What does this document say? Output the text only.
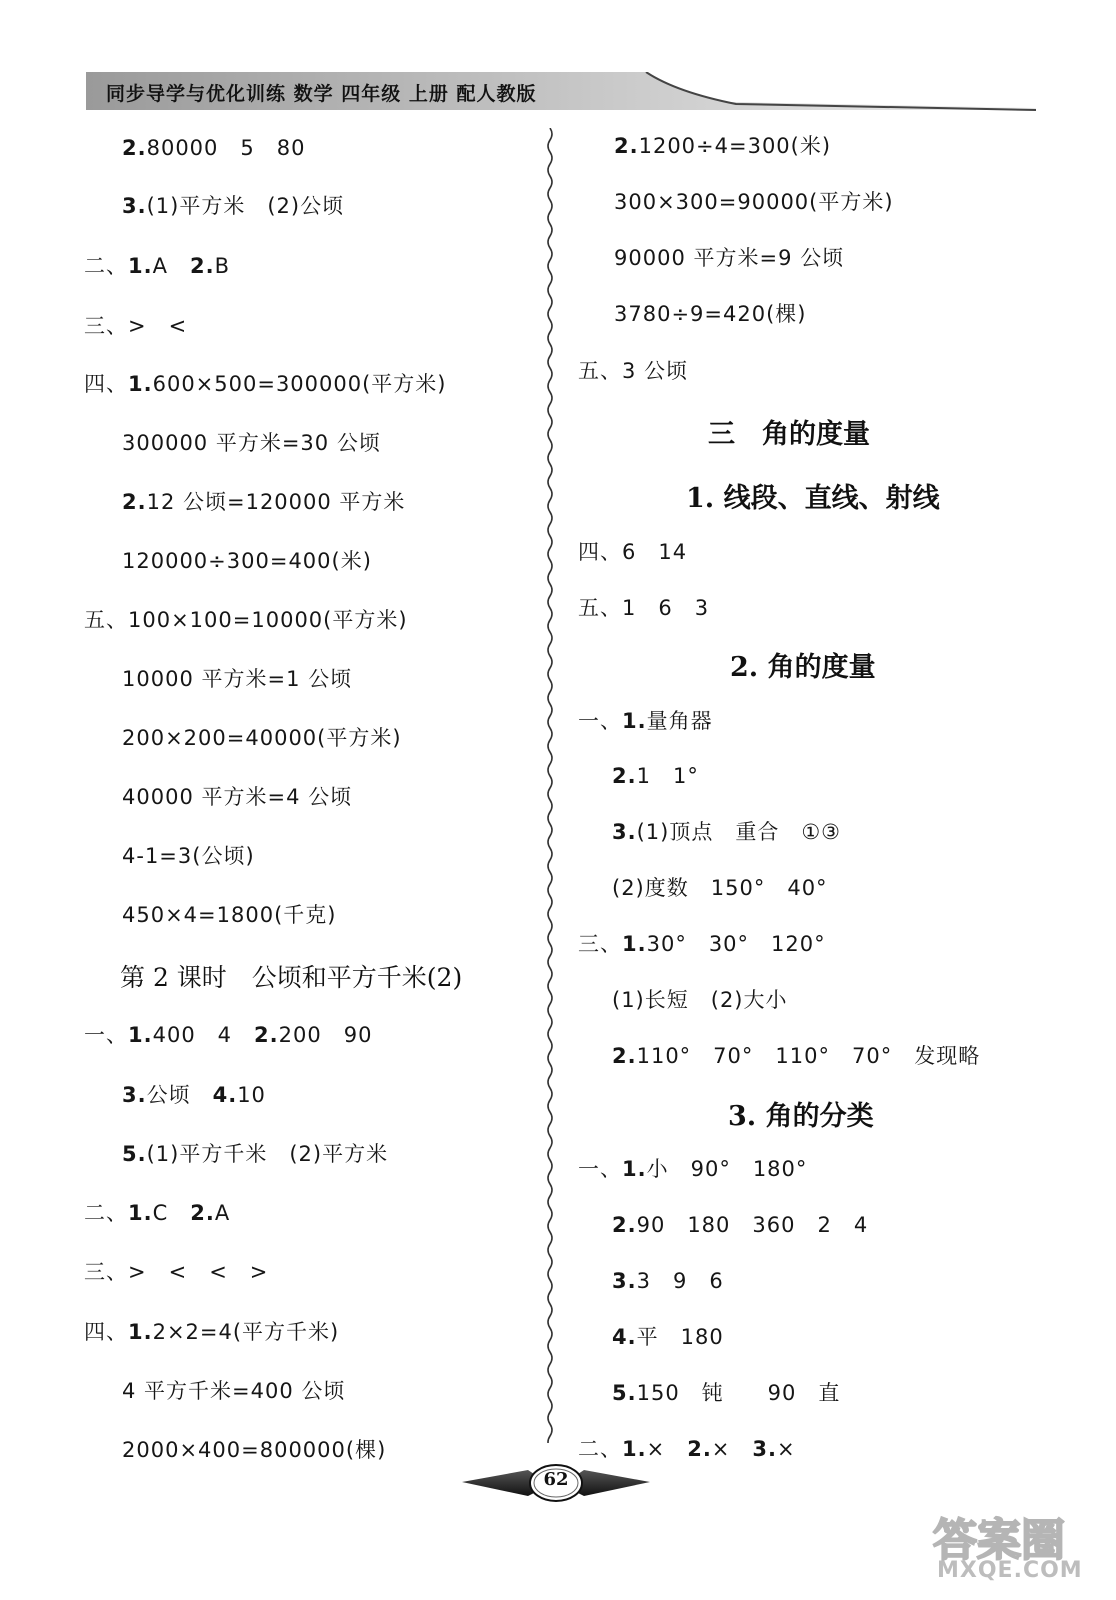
同步导学与优化训练 数学 四年级 上册 配人教版
2.80000　5　80
3.(1)平方米　(2)公顷
二、1.A　2.B
三、>　<
四、1.600×500=300000(平方米)
300000 平方米=30 公顷
2.12 公顷=120000 平方米
120000÷300=400(米)
五、100×100=10000(平方米)
10000 平方米=1 公顷
200×200=40000(平方米)
40000 平方米=4 公顷
4-1=3(公顷)
450×4=1800(千克)
第 2 课时　公顷和平方千米(2)
一、1.400　4　2.200　90
3.公顷　4.10
5.(1)平方千米　(2)平方米
二、1.C　2.A
三、>　<　<　>
四、1.2×2=4(平方千米)
4 平方千米=400 公顷
2000×400=800000(棵)
2.1200÷4=300(米)
300×300=90000(平方米)
90000 平方米=9 公顷
3780÷9=420(棵)
五、3 公顷
三　角的度量
1. 线段、直线、射线
四、6　14
五、1　6　3
2. 角的度量
一、1.量角器
2.1　1°
3.(1)顶点　重合　①③
(2)度数　150°　40°
三、1.30°　30°　120°
(1)长短　(2)大小
2.110°　70°　110°　70°　发现略
3. 角的分类
一、1.小　90°　180°
2.90　180　360　2　4
3.3　9　6
4.平　180
5.150　钝　　90　直
二、1.×　2.×　3.×
62
答案圈
MXQE.COM
